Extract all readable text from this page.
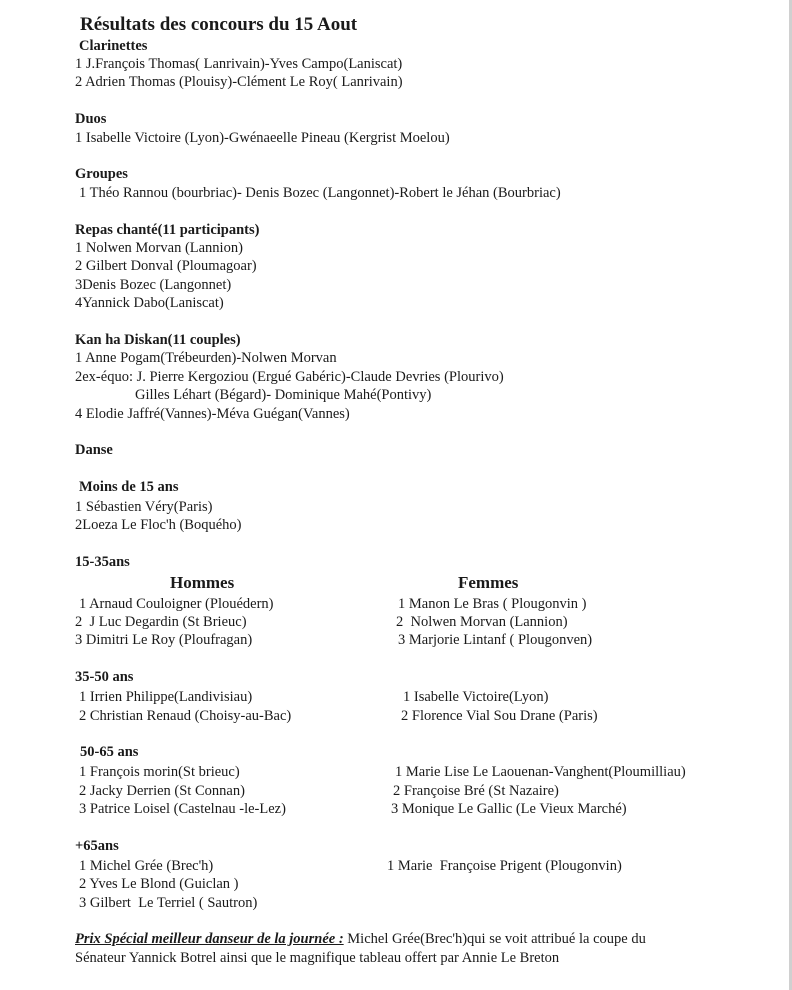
Résultats des concours du 15 Aout
Clarinettes
1 J.François Thomas( Lanrivain)-Yves Campo(Laniscat)
2 Adrien Thomas (Plouisy)-Clément Le Roy( Lanrivain)
Duos
1 Isabelle Victoire (Lyon)-Gwénaeelle Pineau (Kergrist Moelou)
Groupes
1 Théo Rannou (bourbriac)- Denis Bozec (Langonnet)-Robert le Jéhan (Bourbriac)
Repas chanté(11 participants)
1 Nolwen Morvan (Lannion)
2 Gilbert Donval (Ploumagoar)
3Denis Bozec (Langonnet)
4Yannick Dabo(Laniscat)
Kan ha Diskan(11 couples)
1 Anne Pogam(Trébeurden)-Nolwen Morvan
2ex-équo: J. Pierre Kergoziou (Ergué Gabéric)-Claude Devries (Plourivo)
Gilles Léhart (Bégard)- Dominique Mahé(Pontivy)
4 Elodie Jaffré(Vannes)-Méva Guégan(Vannes)
Danse
Moins de 15 ans
1 Sébastien Véry(Paris)
2Loeza Le Floc'h (Boquého)
15-35ans
Hommes	Femmes
1 Arnaud Couloigner (Plouédern)
2  J Luc Degardin (St Brieuc)
3 Dimitri Le Roy (Ploufragan)
1 Manon Le Bras ( Plougonvin )
2  Nolwen Morvan (Lannion)
3 Marjorie Lintanf ( Plougonven)
35-50 ans
1 Irrien Philippe(Landivisiau)
2 Christian Renaud (Choisy-au-Bac)
1 Isabelle Victoire(Lyon)
2 Florence Vial Sou Drane (Paris)
50-65 ans
1 François morin(St brieuc)
2 Jacky Derrien (St Connan)
3 Patrice Loisel (Castelnau -le-Lez)
1 Marie Lise Le Laouenan-Vanghent(Ploumilliau)
2 Françoise Bré (St Nazaire)
3 Monique Le Gallic (Le Vieux Marché)
+65ans
1 Michel Grée (Brec'h)
2 Yves Le Blond (Guiclan )
3 Gilbert  Le Terriel ( Sautron)
1 Marie  Françoise Prigent (Plougonvin)
Prix Spécial meilleur danseur de la journée : Michel Grée(Brec'h)qui se voit attribué la coupe du
Sénateur Yannick Botrel ainsi que le magnifique tableau offert par Annie Le Breton
